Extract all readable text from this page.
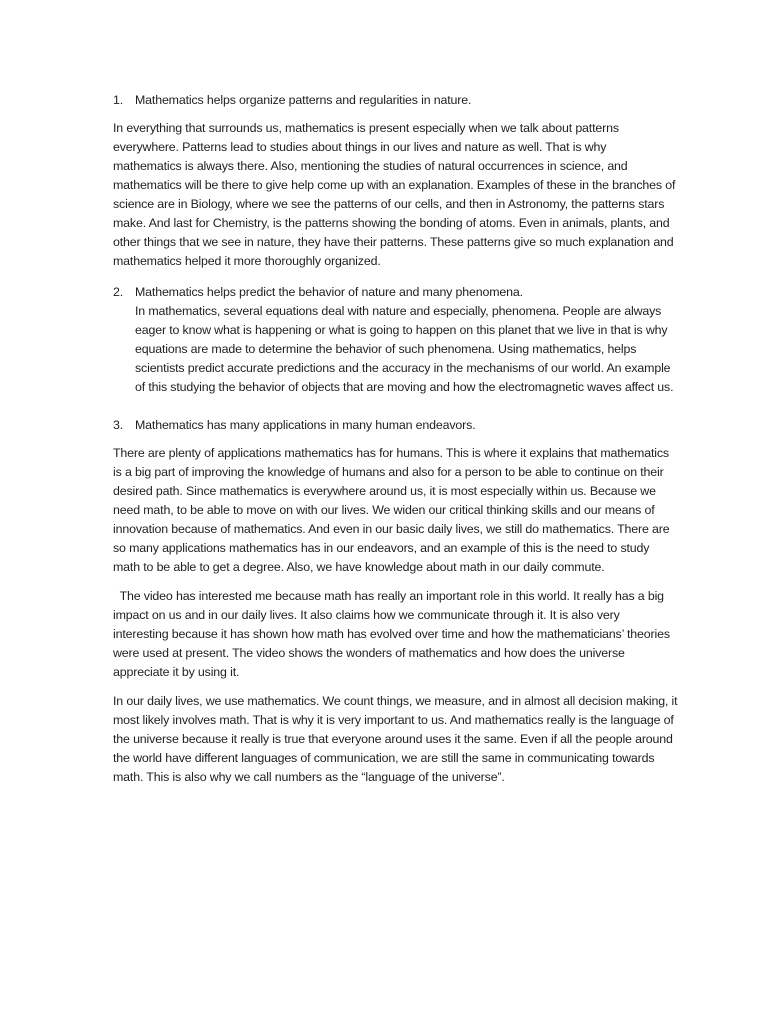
1. Mathematics helps organize patterns and regularities in nature.

In everything that surrounds us, mathematics is present especially when we talk about patterns everywhere. Patterns lead to studies about things in our lives and nature as well. That is why mathematics is always there. Also, mentioning the studies of natural occurrences in science, and mathematics will be there to give help come up with an explanation. Examples of these in the branches of science are in Biology, where we see the patterns of our cells, and then in Astronomy, the patterns stars make. And last for Chemistry, is the patterns showing the bonding of atoms. Even in animals, plants, and other things that we see in nature, they have their patterns. These patterns give so much explanation and mathematics helped it more thoroughly organized.

2. Mathematics helps predict the behavior of nature and many phenomena.

In mathematics, several equations deal with nature and especially, phenomena. People are always eager to know what is happening or what is going to happen on this planet that we live in that is why equations are made to determine the behavior of such phenomena. Using mathematics, helps scientists predict accurate predictions and the accuracy in the mechanisms of our world. An example of this studying the behavior of objects that are moving and how the electromagnetic waves affect us.

3. Mathematics has many applications in many human endeavors.

There are plenty of applications mathematics has for humans. This is where it explains that mathematics is a big part of improving the knowledge of humans and also for a person to be able to continue on their desired path. Since mathematics is everywhere around us, it is most especially within us. Because we need math, to be able to move on with our lives. We widen our critical thinking skills and our means of innovation because of mathematics. And even in our basic daily lives, we still do mathematics. There are so many applications mathematics has in our endeavors, and an example of this is the need to study math to be able to get a degree. Also, we have knowledge about math in our daily commute.

The video has interested me because math has really an important role in this world. It really has a big impact on us and in our daily lives. It also claims how we communicate through it. It is also very interesting because it has shown how math has evolved over time and how the mathematicians’ theories were used at present. The video shows the wonders of mathematics and how does the universe appreciate it by using it.

In our daily lives, we use mathematics. We count things, we measure, and in almost all decision making, it most likely involves math. That is why it is very important to us. And mathematics really is the language of the universe because it really is true that everyone around uses it the same. Even if all the people around the world have different languages of communication, we are still the same in communicating towards math. This is also why we call numbers as the “language of the universe”.
